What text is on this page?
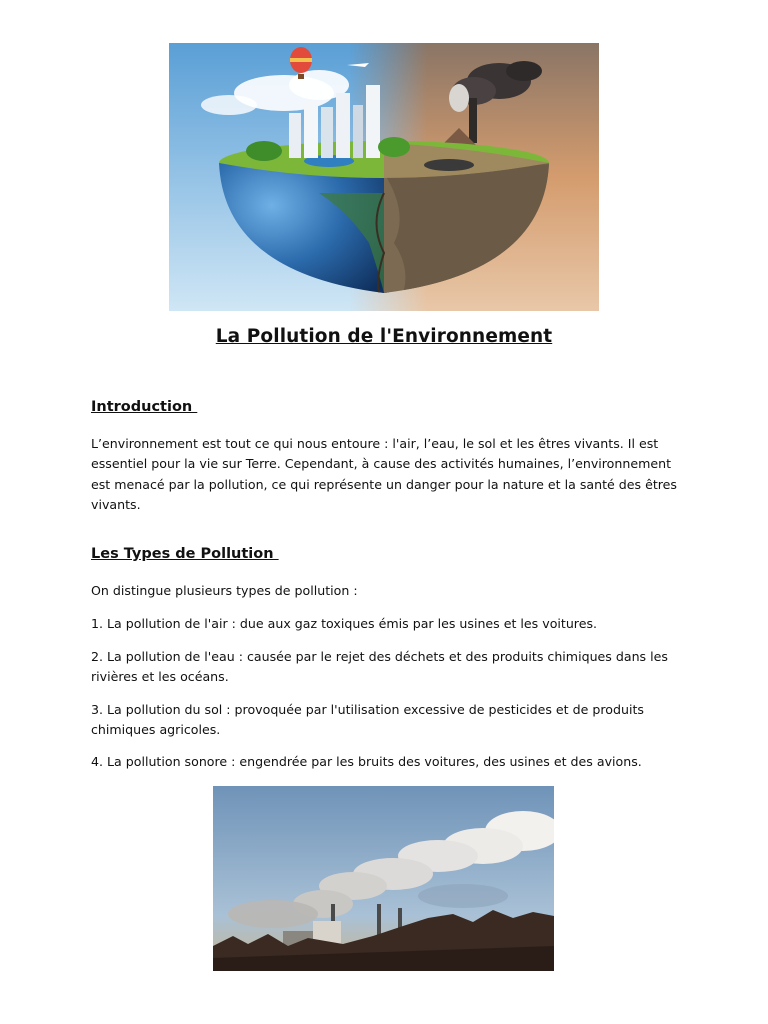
La Pollution de l'Environnement
Introduction
L’environnement est tout ce qui nous entoure : l'air, l’eau, le sol et les êtres vivants. Il est essentiel pour la vie sur Terre. Cependant, à cause des activités humaines, l’environnement est menacé par la pollution, ce qui représente un danger pour la nature et la santé des êtres vivants.
Les Types de Pollution
On distingue plusieurs types de pollution :
1. La pollution de l'air : due aux gaz toxiques émis par les usines et les voitures.
2. La pollution de l'eau : causée par le rejet des déchets et des produits chimiques dans les rivières et les océans.
3. La pollution du sol : provoquée par l'utilisation excessive de pesticides et de produits chimiques agricoles.
4. La pollution sonore : engendrée par les bruits des voitures, des usines et des avions.
